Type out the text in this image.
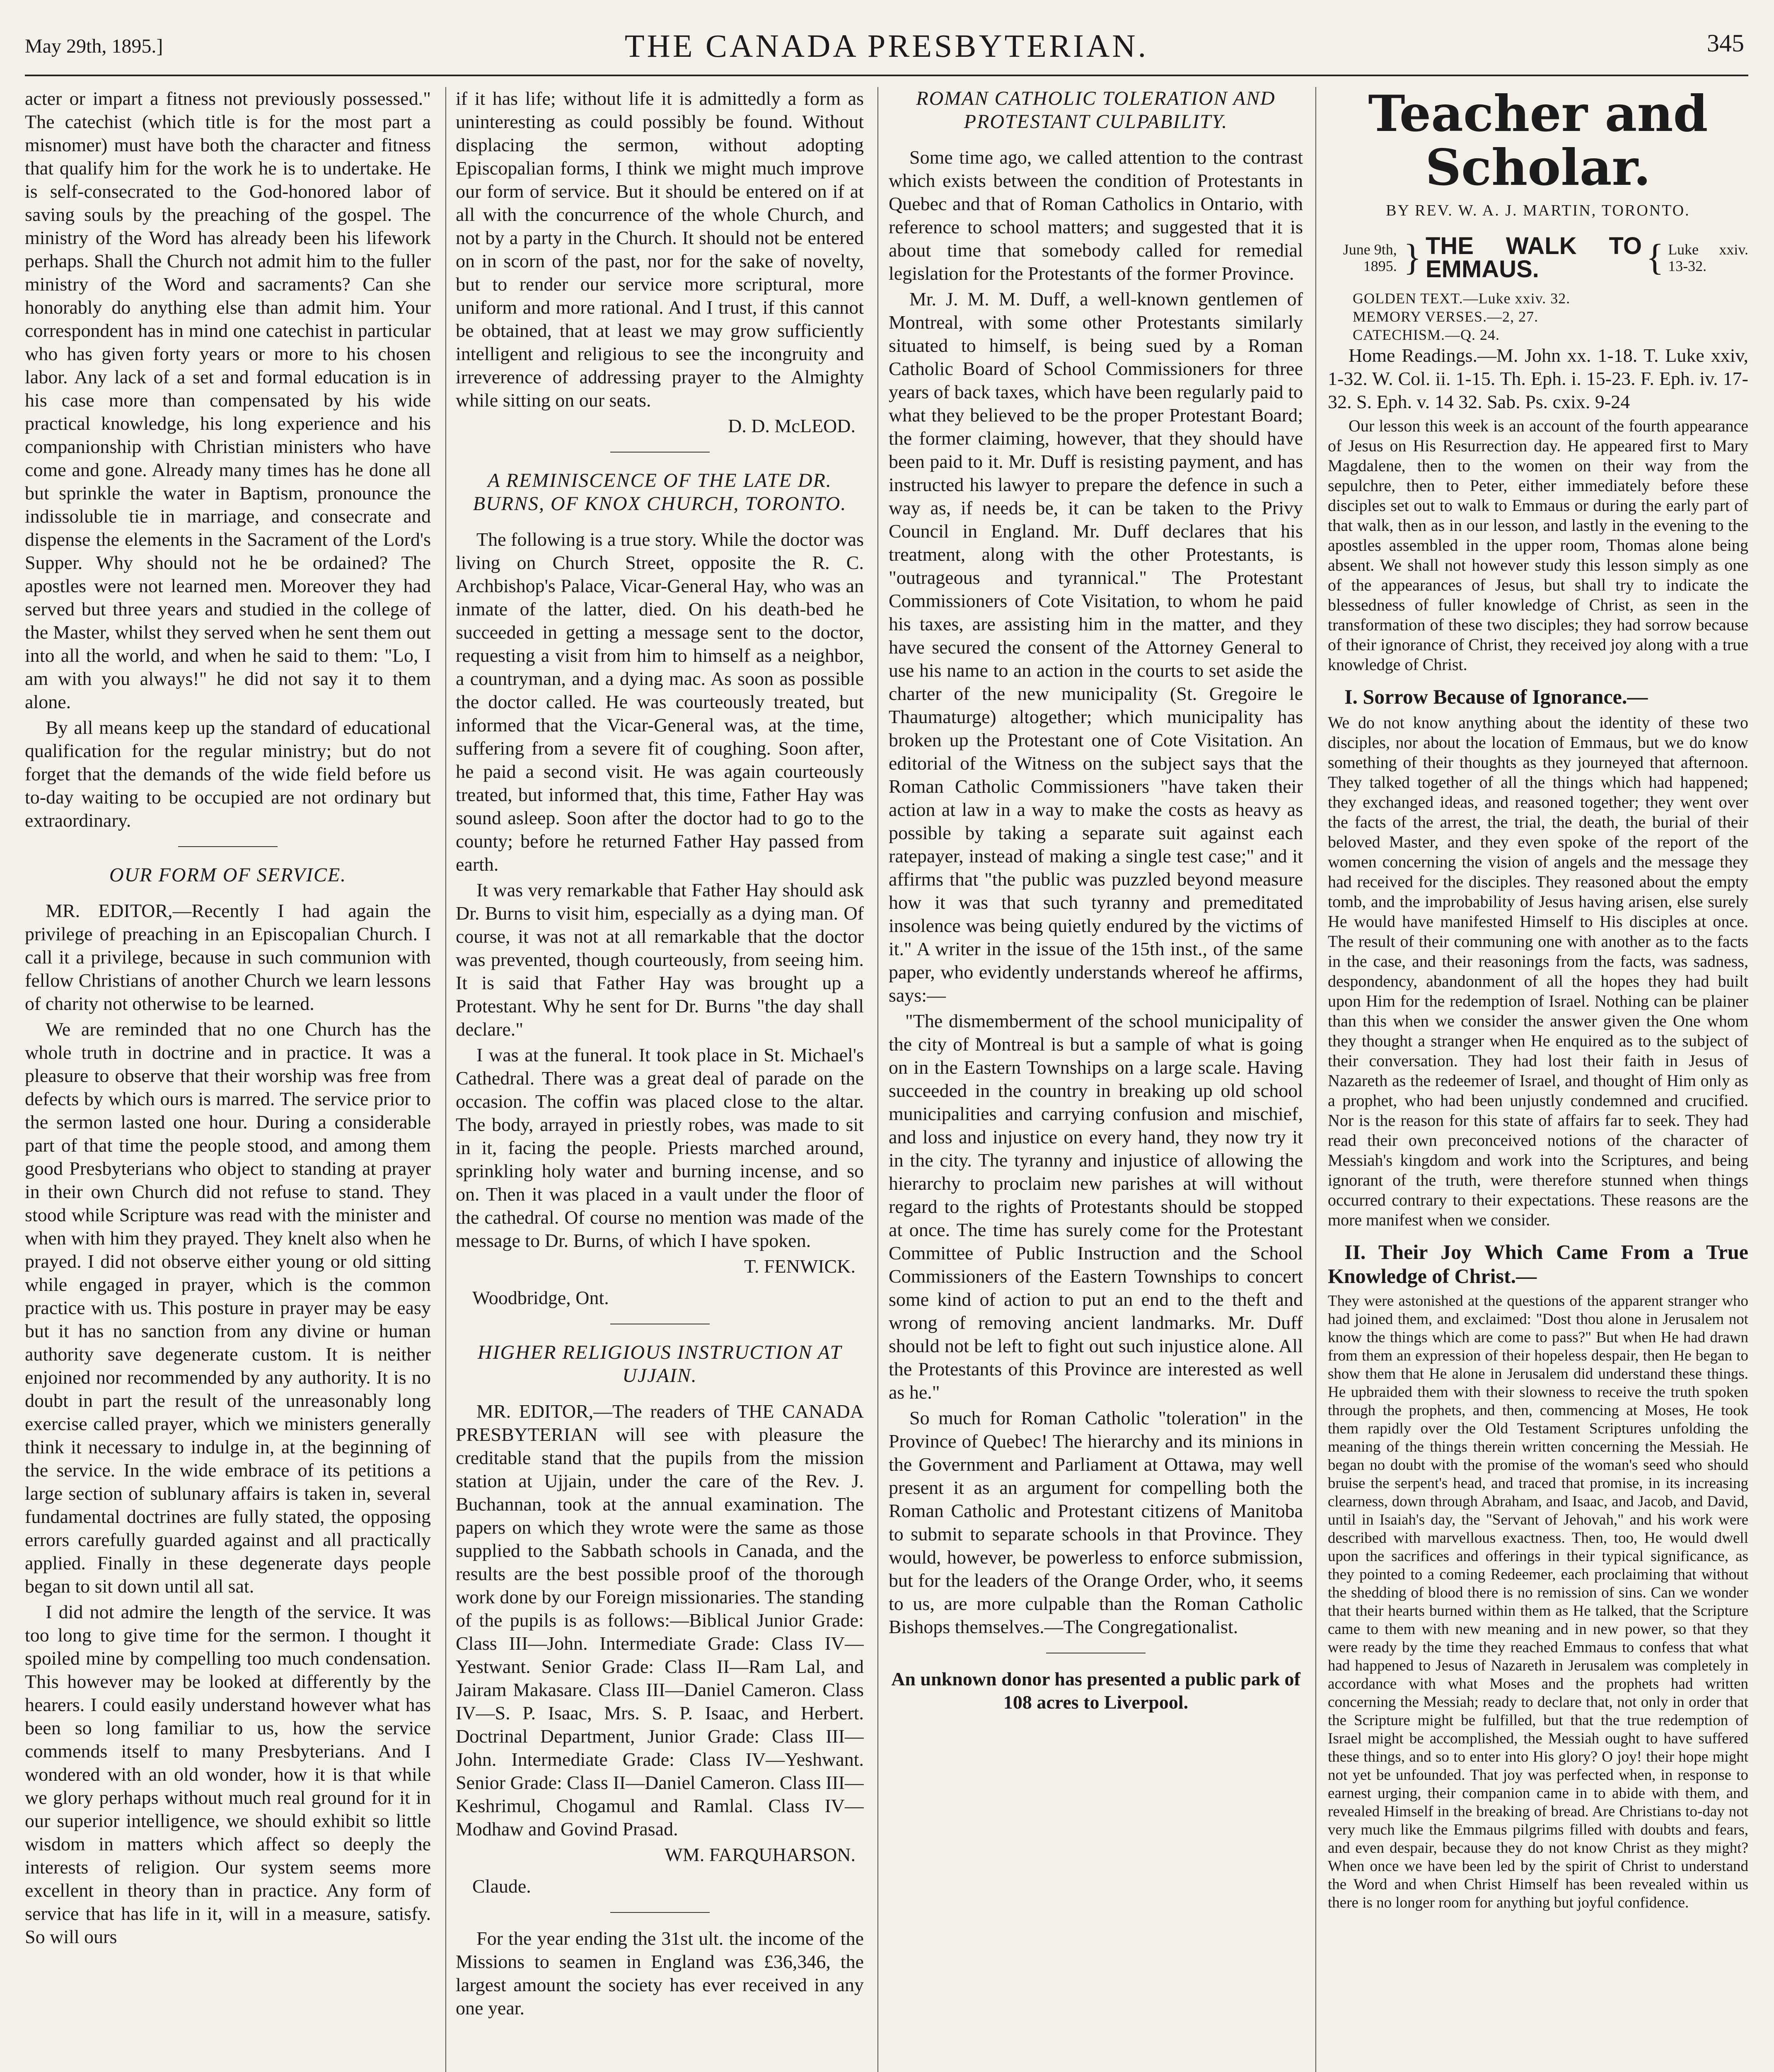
May 29th, 1895.]	THE CANADA PRESBYTERIAN.	345

acter or impart a fitness not previously possessed." The catechist (which title is for the most part a misnomer) must have both the character and fitness that qualify him for the work he is to undertake. He is self-consecrated to the God-honored labor of saving souls by the preaching of the gospel. The ministry of the Word has already been his lifework perhaps. Shall the Church not admit him to the fuller ministry of the Word and sacraments? Can she honorably do anything else than admit him. Your correspondent has in mind one catechist in particular who has given forty years or more to his chosen labor. Any lack of a set and formal education is in his case more than compensated by his wide practical knowledge, his long experience and his companionship with Christian ministers who have come and gone. Already many times has he done all but sprinkle the water in Baptism, pronounce the indissoluble tie in marriage, and consecrate and dispense the elements in the Sacrament of the Lord's Supper. Why should not he be ordained? The apostles were not learned men. Moreover they had served but three years and studied in the college of the Master, whilst they served when he sent them out into all the world, and when he said to them: "Lo, I am with you always!" he did not say it to them alone.

By all means keep up the standard of educational qualification for the regular ministry; but do not forget that the demands of the wide field before us to-day waiting to be occupied are not ordinary but extraordinary.

OUR FORM OF SERVICE.

MR. EDITOR,—Recently I had again the privilege of preaching in an Episcopalian Church. I call it a privilege, because in such communion with fellow Christians of another Church we learn lessons of charity not otherwise to be learned.

We are reminded that no one Church has the whole truth in doctrine and in practice. It was a pleasure to observe that their worship was free from defects by which ours is marred. The service prior to the sermon lasted one hour. During a considerable part of that time the people stood, and among them good Presbyterians who object to standing at prayer in their own Church did not refuse to stand. They stood while Scripture was read with the minister and when with him they prayed. They knelt also when he prayed. I did not observe either young or old sitting while engaged in prayer, which is the common practice with us. This posture in prayer may be easy but it has no sanction from any divine or human authority save degenerate custom. It is neither enjoined nor recommended by any authority. It is no doubt in part the result of the unreasonably long exercise called prayer, which we ministers generally think it necessary to indulge in, at the beginning of the service. In the wide embrace of its petitions a large section of sublunary affairs is taken in, several fundamental doctrines are fully stated, the opposing errors carefully guarded against and all practically applied. Finally in these degenerate days people began to sit down until all sat.

I did not admire the length of the service. It was too long to give time for the sermon. I thought it spoiled mine by compelling too much condensation. This however may be looked at differently by the hearers. I could easily understand however what has been so long familiar to us, how the service commends itself to many Presbyterians. And I wondered with an old wonder, how it is that while we glory perhaps without much real ground for it in our superior intelligence, we should exhibit so little wisdom in matters which affect so deeply the interests of religion. Our system seems more excellent in theory than in practice. Any form of service that has life in it, will in a measure, satisfy. So will ours

if it has life; without life it is admittedly a form as uninteresting as could possibly be found. Without displacing the sermon, without adopting Episcopalian forms, I think we might much improve our form of service. But it should be entered on if at all with the concurrence of the whole Church, and not by a party in the Church. It should not be entered on in scorn of the past, nor for the sake of novelty, but to render our service more scriptural, more uniform and more rational. And I trust, if this cannot be obtained, that at least we may grow sufficiently intelligent and religious to see the incongruity and irreverence of addressing prayer to the Almighty while sitting on our seats.

D. D. McLEOD.
A REMINISCENCE OF THE LATE DR. BURNS, OF KNOX CHURCH, TORONTO.

The following is a true story. While the doctor was living on Church Street, opposite the R. C. Archbishop's Palace, Vicar-General Hay, who was an inmate of the latter, died. On his death-bed he succeeded in getting a message sent to the doctor, requesting a visit from him to himself as a neighbor, a countryman, and a dying mac. As soon as possible the doctor called. He was courteously treated, but informed that the Vicar-General was, at the time, suffering from a severe fit of coughing. Soon after, he paid a second visit. He was again courteously treated, but informed that, this time, Father Hay was sound asleep. Soon after the doctor had to go to the county; before he returned Father Hay passed from earth.

It was very remarkable that Father Hay should ask Dr. Burns to visit him, especially as a dying man. Of course, it was not at all remarkable that the doctor was prevented, though courteously, from seeing him. It is said that Father Hay was brought up a Protestant. Why he sent for Dr. Burns "the day shall declare."

I was at the funeral. It took place in St. Michael's Cathedral. There was a great deal of parade on the occasion. The coffin was placed close to the altar. The body, arrayed in priestly robes, was made to sit in it, facing the people. Priests marched around, sprinkling holy water and burning incense, and so on. Then it was placed in a vault under the floor of the cathedral. Of course no mention was made of the message to Dr. Burns, of which I have spoken.

T. FENWICK.
Woodbridge, Ont.
HIGHER RELIGIOUS INSTRUCTION AT UJJAIN.

MR. EDITOR,—The readers of THE CANADA PRESBYTERIAN will see with pleasure the creditable stand that the pupils from the mission station at Ujjain, under the care of the Rev. J. Buchannan, took at the annual examination. The papers on which they wrote were the same as those supplied to the Sabbath schools in Canada, and the results are the best possible proof of the thorough work done by our Foreign missionaries. The standing of the pupils is as follows:—Biblical Junior Grade: Class III—John. Intermediate Grade: Class IV—Yestwant. Senior Grade: Class II—Ram Lal, and Jairam Makasare. Class III—Daniel Cameron. Class IV—S. P. Isaac, Mrs. S. P. Isaac, and Herbert. Doctrinal Department, Junior Grade: Class III—John. Intermediate Grade: Class IV—Yeshwant. Senior Grade: Class II—Daniel Cameron. Class III—Keshrimul, Chogamul and Ramlal. Class IV—Modhaw and Govind Prasad.

WM. FARQUHARSON.
Claude.

For the year ending the 31st ult. the income of the Missions to seamen in England was £36,346, the largest amount the society has ever received in any one year.

ROMAN CATHOLIC TOLERATION AND PROTESTANT CULPABILITY.

Some time ago, we called attention to the contrast which exists between the condition of Protestants in Quebec and that of Roman Catholics in Ontario, with reference to school matters; and suggested that it is about time that somebody called for remedial legislation for the Protestants of the former Province.

Mr. J. M. M. Duff, a well-known gentlemen of Montreal, with some other Protestants similarly situated to himself, is being sued by a Roman Catholic Board of School Commissioners for three years of back taxes, which have been regularly paid to what they believed to be the proper Protestant Board; the former claiming, however, that they should have been paid to it. Mr. Duff is resisting payment, and has instructed his lawyer to prepare the defence in such a way as, if needs be, it can be taken to the Privy Council in England. Mr. Duff declares that his treatment, along with the other Protestants, is "outrageous and tyrannical." The Protestant Commissioners of Cote Visitation, to whom he paid his taxes, are assisting him in the matter, and they have secured the consent of the Attorney General to use his name to an action in the courts to set aside the charter of the new municipality (St. Gregoire le Thaumaturge) altogether; which municipality has broken up the Protestant one of Cote Visitation. An editorial of the Witness on the subject says that the Roman Catholic Commissioners "have taken their action at law in a way to make the costs as heavy as possible by taking a separate suit against each ratepayer, instead of making a single test case;" and it affirms that "the public was puzzled beyond measure how it was that such tyranny and premeditated insolence was being quietly endured by the victims of it." A writer in the issue of the 15th inst., of the same paper, who evidently understands whereof he affirms, says:—

"The dismemberment of the school municipality of the city of Montreal is but a sample of what is going on in the Eastern Townships on a large scale. Having succeeded in the country in breaking up old school municipalities and carrying confusion and mischief, and loss and injustice on every hand, they now try it in the city. The tyranny and injustice of allowing the hierarchy to proclaim new parishes at will without regard to the rights of Protestants should be stopped at once. The time has surely come for the Protestant Committee of Public Instruction and the School Commissioners of the Eastern Townships to concert some kind of action to put an end to the theft and wrong of removing ancient landmarks. Mr. Duff should not be left to fight out such injustice alone. All the Protestants of this Province are interested as well as he."

So much for Roman Catholic "toleration" in the Province of Quebec! The hierarchy and its minions in the Government and Parliament at Ottawa, may well present it as an argument for compelling both the Roman Catholic and Protestant citizens of Manitoba to submit to separate schools in that Province. They would, however, be powerless to enforce submission, but for the leaders of the Orange Order, who, it seems to us, are more culpable than the Roman Catholic Bishops themselves.—The Congregationalist.

An unknown donor has presented a public park of 108 acres to Liverpool.
Teacher and Scholar.
BY REV. W. A. J. MARTIN, TORONTO.
June 9th, 1895. } THE WALK TO EMMAUS.	{ Luke xxiv. 13-32.
GOLDEN TEXT.—Luke xxiv. 32.
MEMORY VERSES.—2, 27.
CATECHISM.—Q. 24.

Home Readings.—M. John xx. 1-18. T. Luke xxiv, 1-32. W. Col. ii. 1-15. Th. Eph. i. 15-23. F. Eph. iv. 17-32. S. Eph. v. 14 32. Sab. Ps. cxix. 9-24

Our lesson this week is an account of the fourth appearance of Jesus on His Resurrection day. He appeared first to Mary Magdalene, then to the women on their way from the sepulchre, then to Peter, either immediately before these disciples set out to walk to Emmaus or during the early part of that walk, then as in our lesson, and lastly in the evening to the apostles assembled in the upper room, Thomas alone being absent. We shall not however study this lesson simply as one of the appearances of Jesus, but shall try to indicate the blessedness of fuller knowledge of Christ, as seen in the transformation of these two disciples; they had sorrow because of their ignorance of Christ, they received joy along with a true knowledge of Christ.

I. Sorrow Because of Ignorance.—

We do not know anything about the identity of these two disciples, nor about the location of Emmaus, but we do know something of their thoughts as they journeyed that afternoon. They talked together of all the things which had happened; they exchanged ideas, and reasoned together; they went over the facts of the arrest, the trial, the death, the burial of their beloved Master, and they even spoke of the report of the women concerning the vision of angels and the message they had received for the disciples. They reasoned about the empty tomb, and the improbability of Jesus having arisen, else surely He would have manifested Himself to His disciples at once. The result of their communing one with another as to the facts in the case, and their reasonings from the facts, was sadness, despondency, abandonment of all the hopes they had built upon Him for the redemption of Israel. Nothing can be plainer than this when we consider the answer given the One whom they thought a stranger when He enquired as to the subject of their conversation. They had lost their faith in Jesus of Nazareth as the redeemer of Israel, and thought of Him only as a prophet, who had been unjustly condemned and crucified. Nor is the reason for this state of affairs far to seek. They had read their own preconceived notions of the character of Messiah's kingdom and work into the Scriptures, and being ignorant of the truth, were therefore stunned when things occurred contrary to their expectations. These reasons are the more manifest when we consider.

II. Their Joy Which Came From a True Knowledge of Christ.—

They were astonished at the questions of the apparent stranger who had joined them, and exclaimed: "Dost thou alone in Jerusalem not know the things which are come to pass?" But when He had drawn from them an expression of their hopeless despair, then He began to show them that He alone in Jerusalem did understand these things. He upbraided them with their slowness to receive the truth spoken through the prophets, and then, commencing at Moses, He took them rapidly over the Old Testament Scriptures unfolding the meaning of the things therein written concerning the Messiah. He began no doubt with the promise of the woman's seed who should bruise the serpent's head, and traced that promise, in its increasing clearness, down through Abraham, and Isaac, and Jacob, and David, until in Isaiah's day, the "Servant of Jehovah," and his work were described with marvellous exactness. Then, too, He would dwell upon the sacrifices and offerings in their typical significance, as they pointed to a coming Redeemer, each proclaiming that without the shedding of blood there is no remission of sins. Can we wonder that their hearts burned within them as He talked, that the Scripture came to them with new meaning and in new power, so that they were ready by the time they reached Emmaus to confess that what had happened to Jesus of Nazareth in Jerusalem was completely in accordance with what Moses and the prophets had written concerning the Messiah; ready to declare that, not only in order that the Scripture might be fulfilled, but that the true redemption of Israel might be accomplished, the Messiah ought to have suffered these things, and so to enter into His glory? O joy! their hope might not yet be unfounded. That joy was perfected when, in response to earnest urging, their companion came in to abide with them, and revealed Himself in the breaking of bread. Are Christians to-day not very much like the Emmaus pilgrims filled with doubts and fears, and even despair, because they do not know Christ as they might? When once we have been led by the spirit of Christ to understand the Word and when Christ Himself has been revealed within us there is no longer room for anything but joyful confidence.
